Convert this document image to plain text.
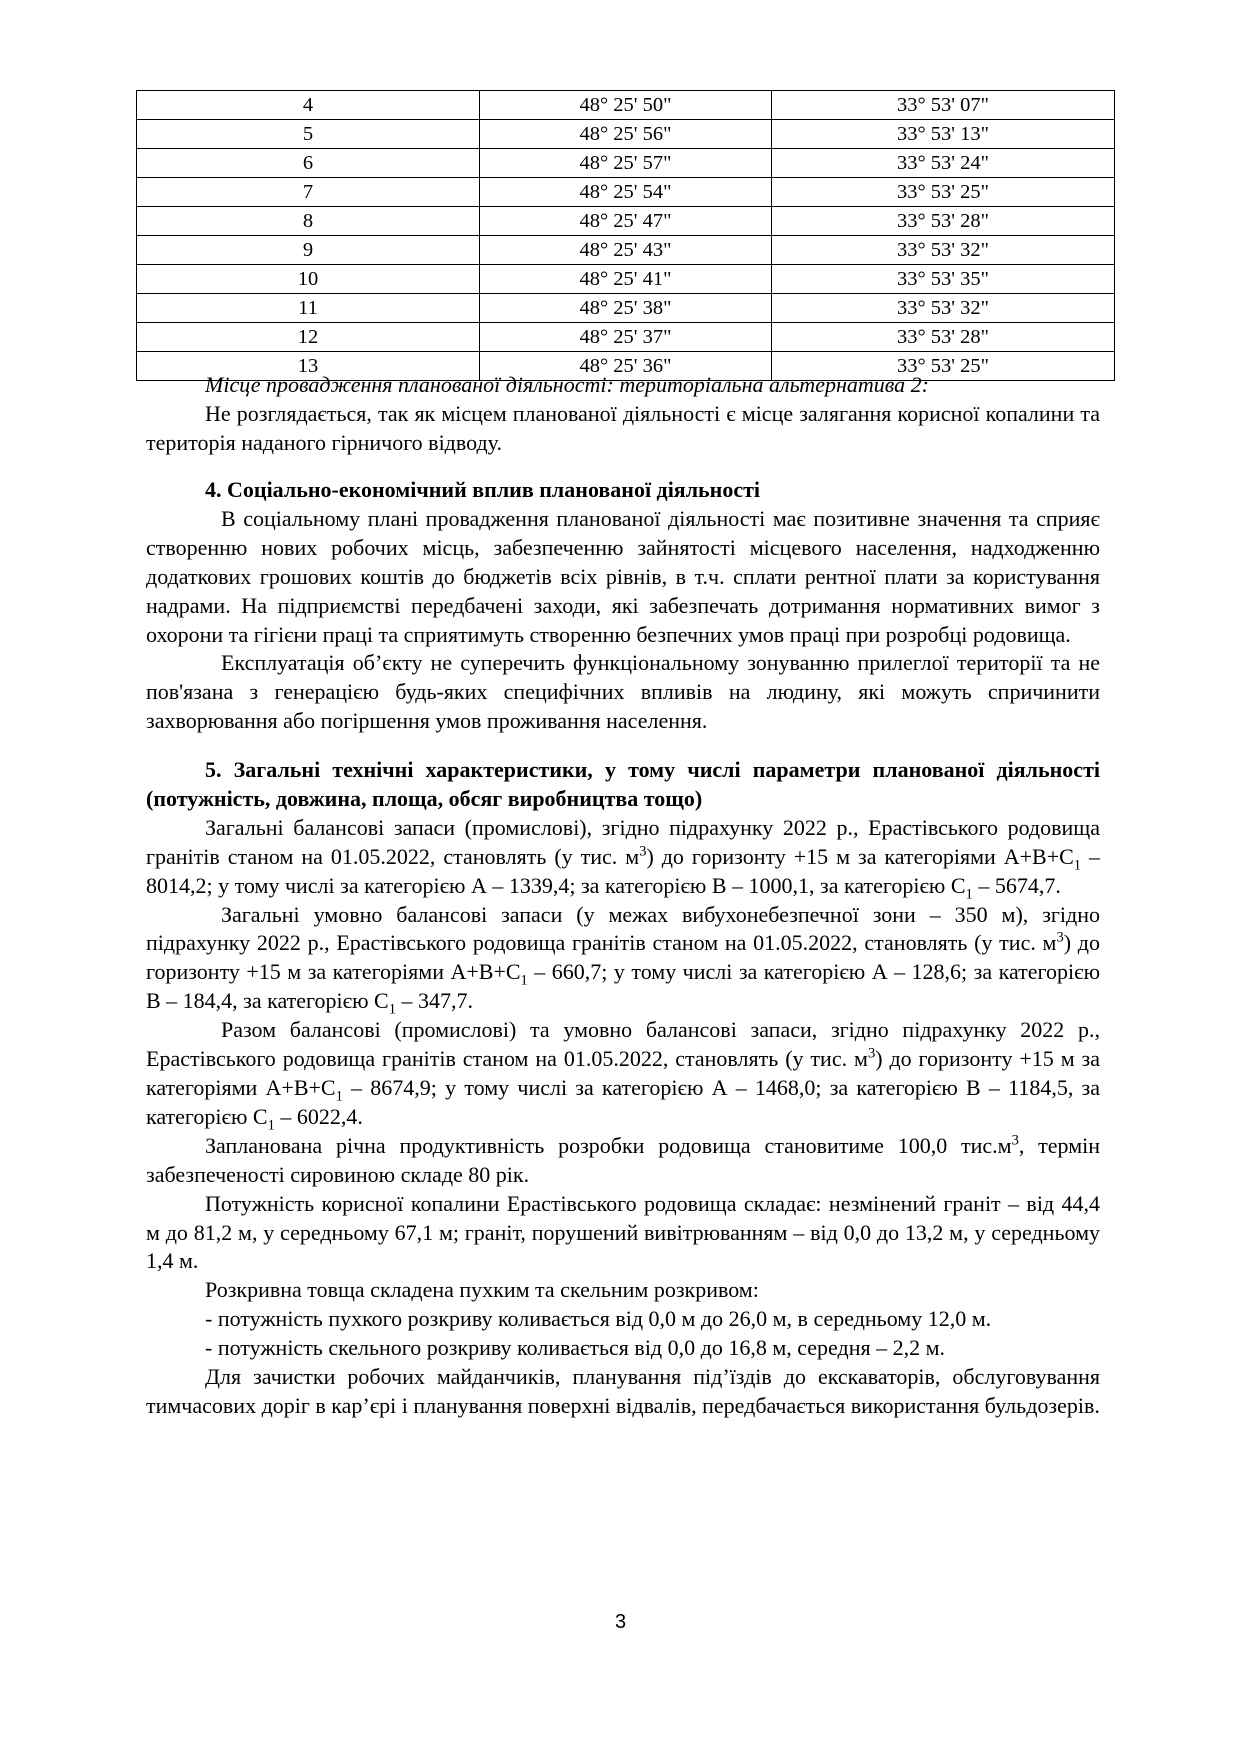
4	48° 25' 50"	33° 53' 07"
5	48° 25' 56"	33° 53' 13"
6	48° 25' 57"	33° 53' 24"
7	48° 25' 54"	33° 53' 25"
8	48° 25' 47"	33° 53' 28"
9	48° 25' 43"	33° 53' 32"
10	48° 25' 41"	33° 53' 35"
11	48° 25' 38"	33° 53' 32"
12	48° 25' 37"	33° 53' 28"
13	48° 25' 36"	33° 53' 25"

Місце провадження планованої діяльності: територіальна альтернатива 2:

Не розглядається, так як місцем планованої діяльності є місце залягання корисної копалини та територія наданого гірничого відводу.

4. Соціально-економічний вплив планованої діяльності

В соціальному плані провадження планованої діяльності має позитивне значення та сприяє створенню нових робочих місць, забезпеченню зайнятості місцевого населення, надходженню додаткових грошових коштів до бюджетів всіх рівнів, в т.ч. сплати рентної плати за користування надрами. На підприємстві передбачені заходи, які забезпечать дотримання нормативних вимог з охорони та гігієни праці та сприятимуть створенню безпечних умов праці при розробці родовища.

Експлуатація об’єкту не суперечить функціональному зонуванню прилеглої території та не пов'язана з генерацією будь-яких специфічних впливів на людину, які можуть спричинити захворювання або погіршення умов проживання населення.

5. Загальні технічні характеристики, у тому числі параметри планованої діяльності (потужність, довжина, площа, обсяг виробництва тощо)

Загальні балансові запаси (промислові), згідно підрахунку 2022 р., Ерастівського родовища гранітів станом на 01.05.2022, становлять (у тис. $м^3$) до горизонту +15 м за категоріями $А+В+С_1 - 8014,2$; у тому числі за категорією А – 1339,4; за категорією В – 1000,1, за категорією $С_1 - 5674,7$.

Загальні умовно балансові запаси (у межах вибухонебезпечної зони – 350 м), згідно підрахунку 2022 р., Ерастівського родовища гранітів станом на 01.05.2022, становлять (у тис. $м^3$) до горизонту +15 м за категоріями $А+В+С_1 - 660,7$; у тому числі за категорією А – 128,6; за категорією В – 184,4, за категорією $С_1 - 347,7$.

Разом балансові (промислові) та умовно балансові запаси, згідно підрахунку 2022 р., Ерастівського родовища гранітів станом на 01.05.2022, становлять (у тис. $м^3$) до горизонту +15 м за категоріями $А+В+С_1 - 8674,9$; у тому числі за категорією А – 1468,0; за категорією В – 1184,5, за категорією $С_1 - 6022,4$.

Запланована річна продуктивність розробки родовища становитиме 100,0 $тис.м^3$, термін забезпеченості сировиною складе 80 рік.

Потужність корисної копалини Ерастівського родовища складає: незмінений граніт – від 44,4 м до 81,2 м, у середньому 67,1 м; граніт, порушений вивітрюванням – від 0,0 до 13,2 м, у середньому 1,4 м.

Розкривна товща складена пухким та скельним розкривом:

- потужність пухкого розкриву коливається від 0,0 м до 26,0 м, в середньому 12,0 м.

- потужність скельного розкриву коливається від 0,0 до 16,8 м, середня – 2,2 м.

Для зачистки робочих майданчиків, планування під’їздів до екскаваторів, обслуговування тимчасових доріг в кар’єрі і планування поверхні відвалів, передбачається використання бульдозерів.

3
